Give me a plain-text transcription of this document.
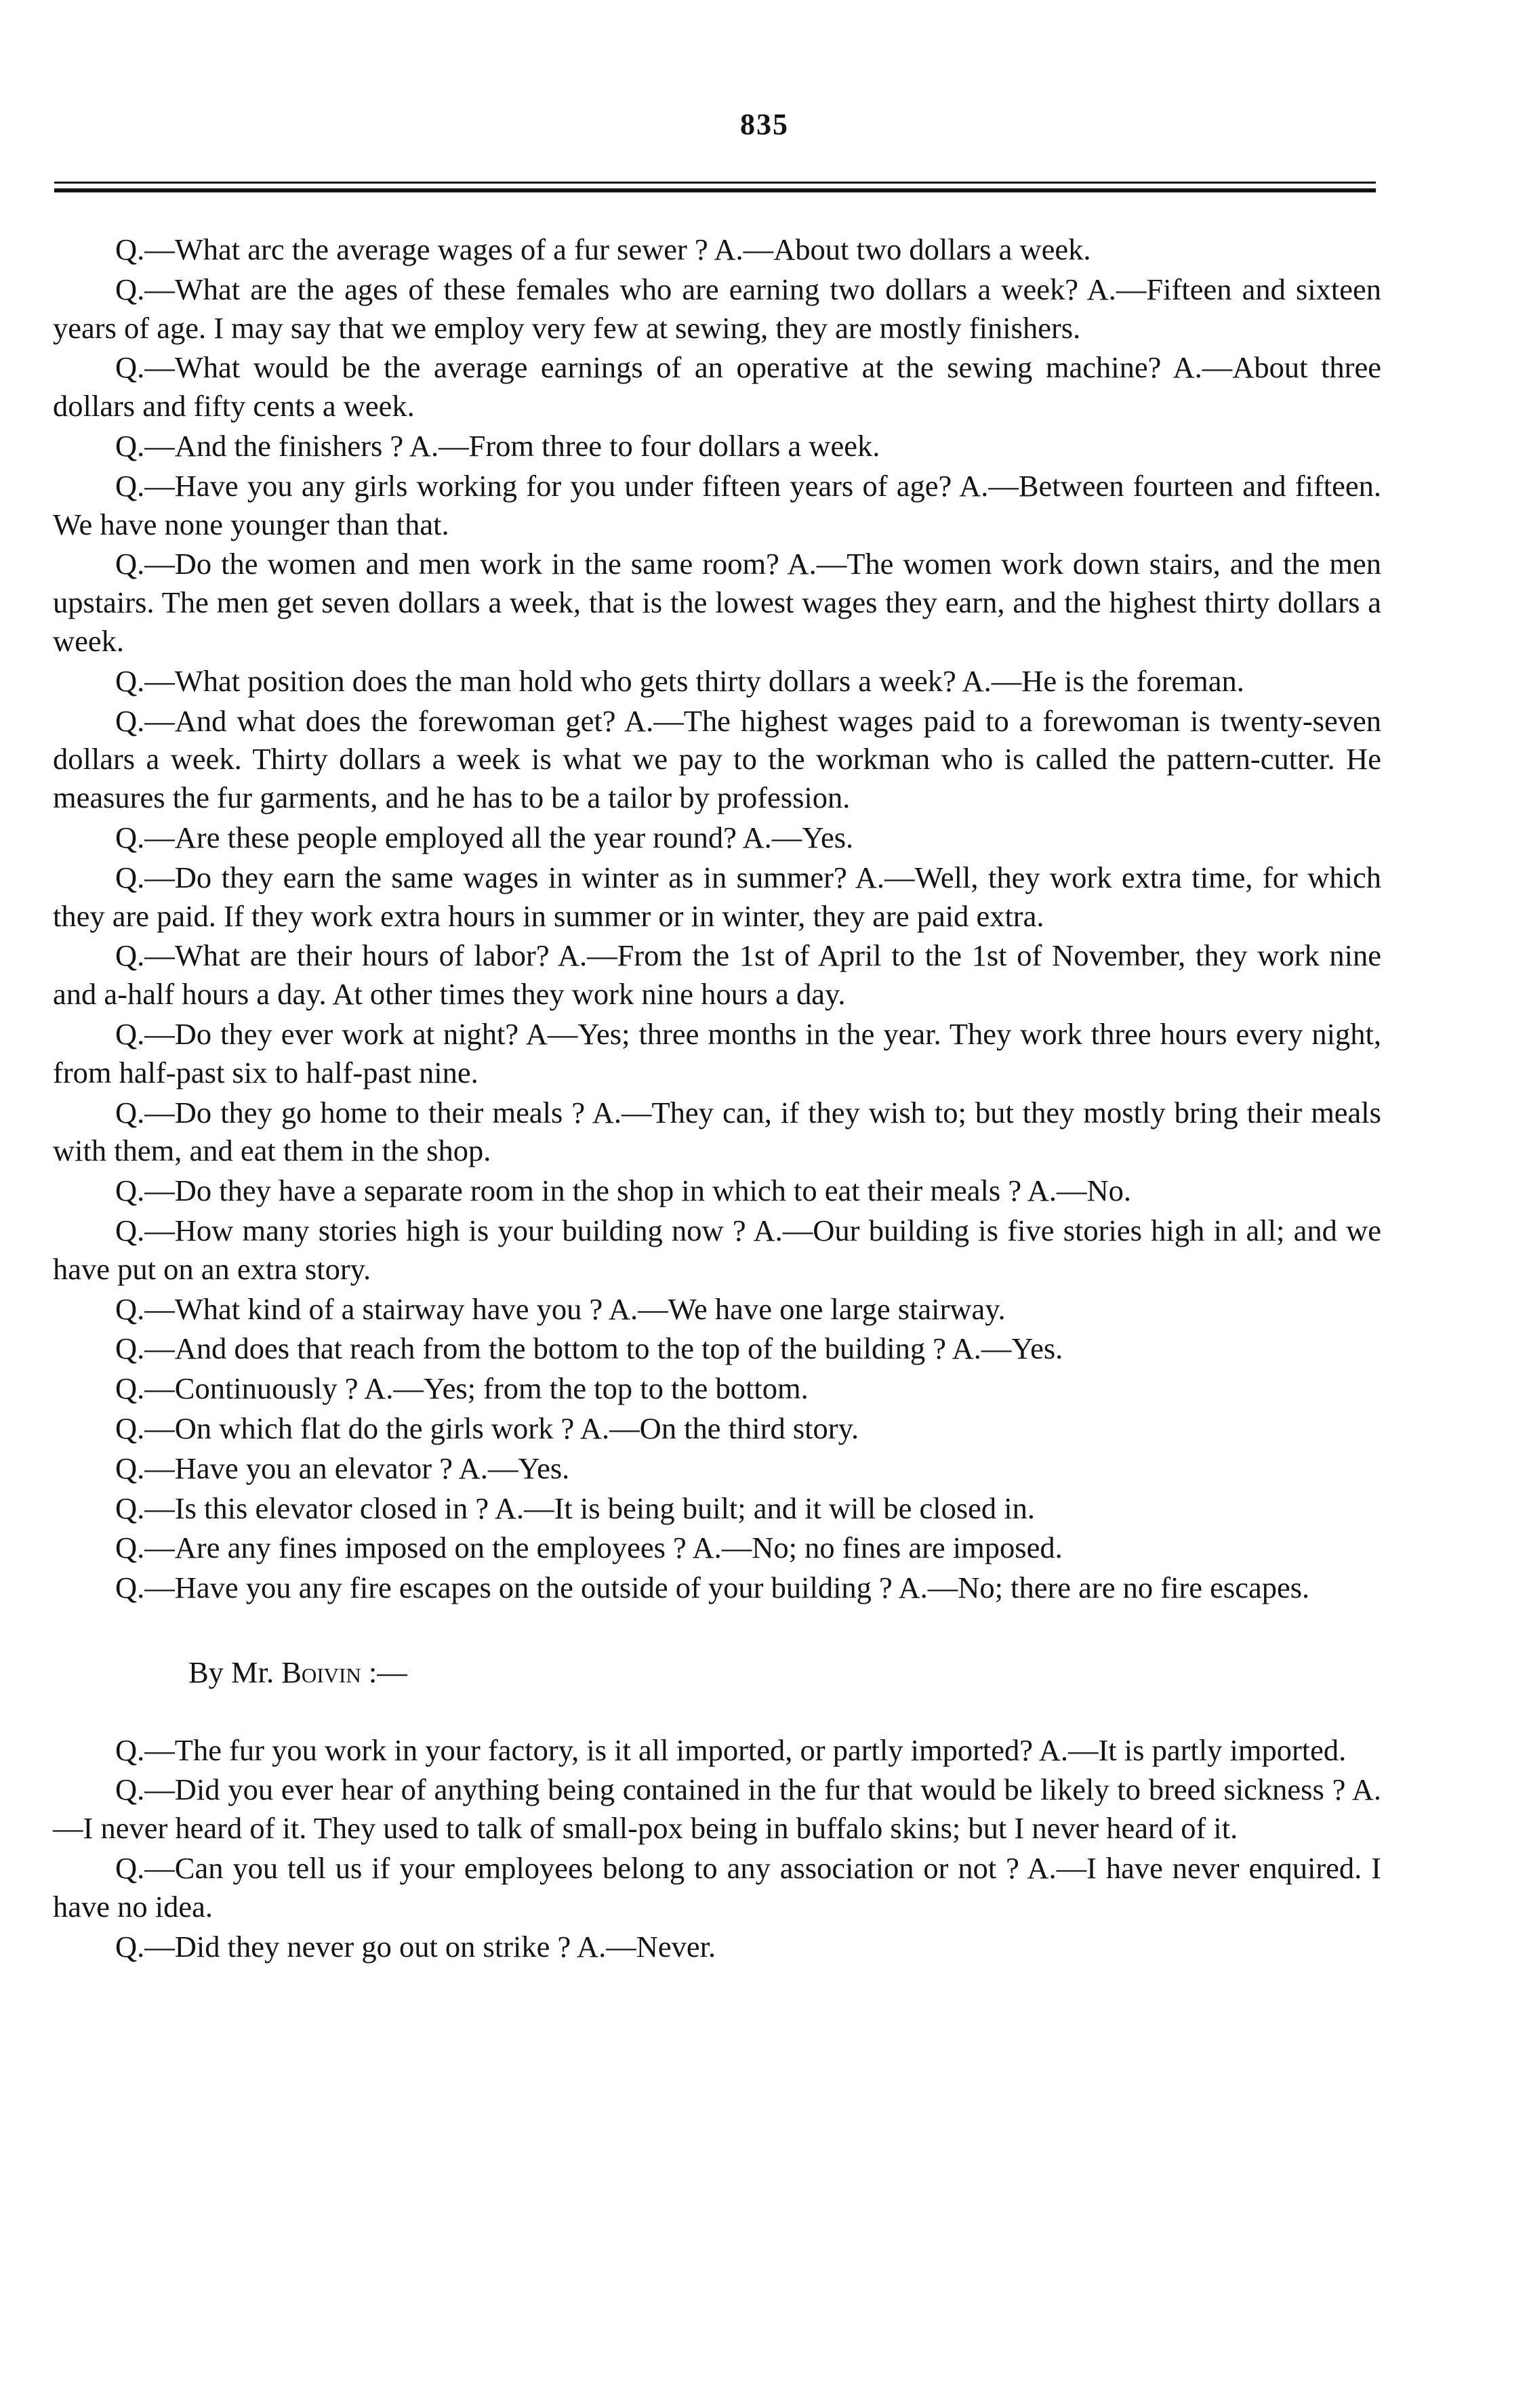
835

Q.—What arc the average wages of a fur sewer ? A.—About two dollars a week.

Q.—What are the ages of these females who are earning two dollars a week? A.—Fifteen and sixteen years of age. I may say that we employ very few at sewing, they are mostly finishers.

Q.—What would be the average earnings of an operative at the sewing machine? A.—About three dollars and fifty cents a week.

Q.—And the finishers ? A.—From three to four dollars a week.

Q.—Have you any girls working for you under fifteen years of age? A.—Between fourteen and fifteen. We have none younger than that.

Q.—Do the women and men work in the same room? A.—The women work down stairs, and the men upstairs. The men get seven dollars a week, that is the lowest wages they earn, and the highest thirty dollars a week.

Q.—What position does the man hold who gets thirty dollars a week? A.—He is the foreman.

Q.—And what does the forewoman get? A.—The highest wages paid to a forewoman is twenty-seven dollars a week. Thirty dollars a week is what we pay to the workman who is called the pattern-cutter. He measures the fur garments, and he has to be a tailor by profession.

Q.—Are these people employed all the year round? A.—Yes.

Q.—Do they earn the same wages in winter as in summer? A.—Well, they work extra time, for which they are paid. If they work extra hours in summer or in winter, they are paid extra.

Q.—What are their hours of labor? A.—From the 1st of April to the 1st of November, they work nine and a-half hours a day. At other times they work nine hours a day.

Q.—Do they ever work at night? A—Yes; three months in the year. They work three hours every night, from half-past six to half-past nine.

Q.—Do they go home to their meals ? A.—They can, if they wish to; but they mostly bring their meals with them, and eat them in the shop.

Q.—Do they have a separate room in the shop in which to eat their meals ? A.—No.

Q.—How many stories high is your building now ? A.—Our building is five stories high in all; and we have put on an extra story.

Q.—What kind of a stairway have you ? A.—We have one large stairway.

Q.—And does that reach from the bottom to the top of the building ? A.—Yes.

Q.—Continuously ? A.—Yes; from the top to the bottom.

Q.—On which flat do the girls work ? A.—On the third story.

Q.—Have you an elevator ? A.—Yes.

Q.—Is this elevator closed in ? A.—It is being built; and it will be closed in.

Q.—Are any fines imposed on the employees ? A.—No; no fines are imposed.

Q.—Have you any fire escapes on the outside of your building ? A.—No; there are no fire escapes.

By Mr. Boivin :—

Q.—The fur you work in your factory, is it all imported, or partly imported? A.—It is partly imported.

Q.—Did you ever hear of anything being contained in the fur that would be likely to breed sickness ? A.—I never heard of it. They used to talk of small-pox being in buffalo skins; but I never heard of it.

Q.—Can you tell us if your employees belong to any association or not ? A.—I have never enquired. I have no idea.

Q.—Did they never go out on strike ? A.—Never.
